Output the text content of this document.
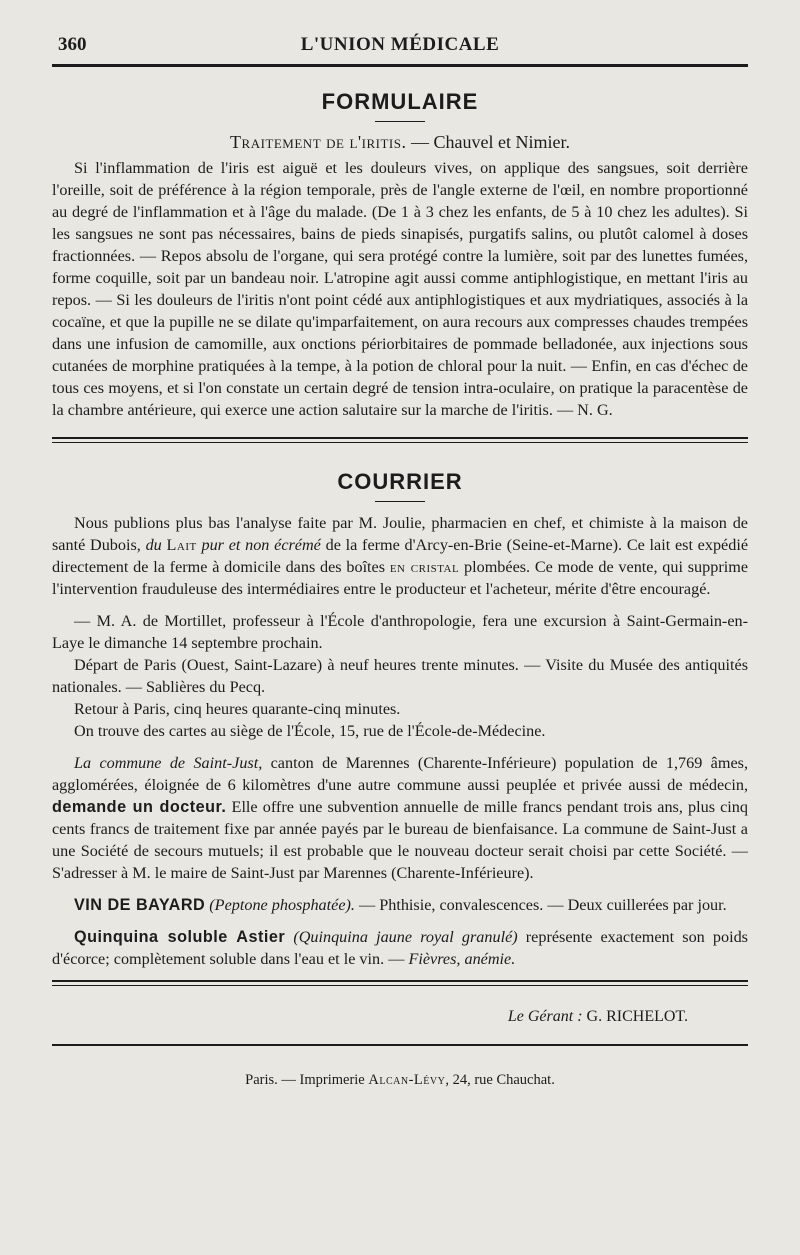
360	L'UNION MÉDICALE
FORMULAIRE
Traitement de l'iritis. — Chauvel et Nimier.

Si l'inflammation de l'iris est aiguë et les douleurs vives, on applique des sangsues, soit derrière l'oreille, soit de préférence à la région temporale, près de l'angle externe de l'œil, en nombre proportionné au degré de l'inflammation et à l'âge du malade. (De 1 à 3 chez les enfants, de 5 à 10 chez les adultes). Si les sangsues ne sont pas nécessaires, bains de pieds sinapisés, purgatifs salins, ou plutôt calomel à doses fractionnées. — Repos absolu de l'organe, qui sera protégé contre la lumière, soit par des lunettes fumées, forme coquille, soit par un bandeau noir. L'atropine agit aussi comme antiphlogistique, en mettant l'iris au repos. — Si les douleurs de l'iritis n'ont point cédé aux antiphlogistiques et aux mydriatiques, associés à la cocaïne, et que la pupille ne se dilate qu'imparfaitement, on aura recours aux compresses chaudes trempées dans une infusion de camomille, aux onctions périorbitaires de pommade belladonée, aux injections sous cutanées de morphine pratiquées à la tempe, à la potion de chloral pour la nuit. — Enfin, en cas d'échec de tous ces moyens, et si l'on constate un certain degré de tension intra-oculaire, on pratique la paracentèse de la chambre antérieure, qui exerce une action salutaire sur la marche de l'iritis. — N. G.

COURRIER

Nous publions plus bas l'analyse faite par M. Joulie, pharmacien en chef, et chimiste à la maison de santé Dubois, du Lait pur et non écrémé de la ferme d'Arcy-en-Brie (Seine-et-Marne). Ce lait est expédié directement de la ferme à domicile dans des boîtes en cristal plombées. Ce mode de vente, qui supprime l'intervention frauduleuse des intermédiaires entre le producteur et l'acheteur, mérite d'être encouragé.

— M. A. de Mortillet, professeur à l'École d'anthropologie, fera une excursion à Saint-Germain-en-Laye le dimanche 14 septembre prochain.

Départ de Paris (Ouest, Saint-Lazare) à neuf heures trente minutes. — Visite du Musée des antiquités nationales. — Sablières du Pecq.

Retour à Paris, cinq heures quarante-cinq minutes.

On trouve des cartes au siège de l'École, 15, rue de l'École-de-Médecine.

La commune de Saint-Just, canton de Marennes (Charente-Inférieure) population de 1,769 âmes, agglomérées, éloignée de 6 kilomètres d'une autre commune aussi peuplée et privée aussi de médecin, demande un docteur. Elle offre une subvention annuelle de mille francs pendant trois ans, plus cinq cents francs de traitement fixe par année payés par le bureau de bienfaisance. La commune de Saint-Just a une Société de secours mutuels; il est probable que le nouveau docteur serait choisi par cette Société. — S'adresser à M. le maire de Saint-Just par Marennes (Charente-Inférieure).

VIN DE BAYARD (Peptone phosphatée). — Phthisie, convalescences. — Deux cuillerées par jour.

Quinquina soluble Astier (Quinquina jaune royal granulé) représente exactement son poids d'écorce; complètement soluble dans l'eau et le vin. — Fièvres, anémie.

Le Gérant : G. RICHELOT.
Paris. — Imprimerie Alcan-Lévy, 24, rue Chauchat.
